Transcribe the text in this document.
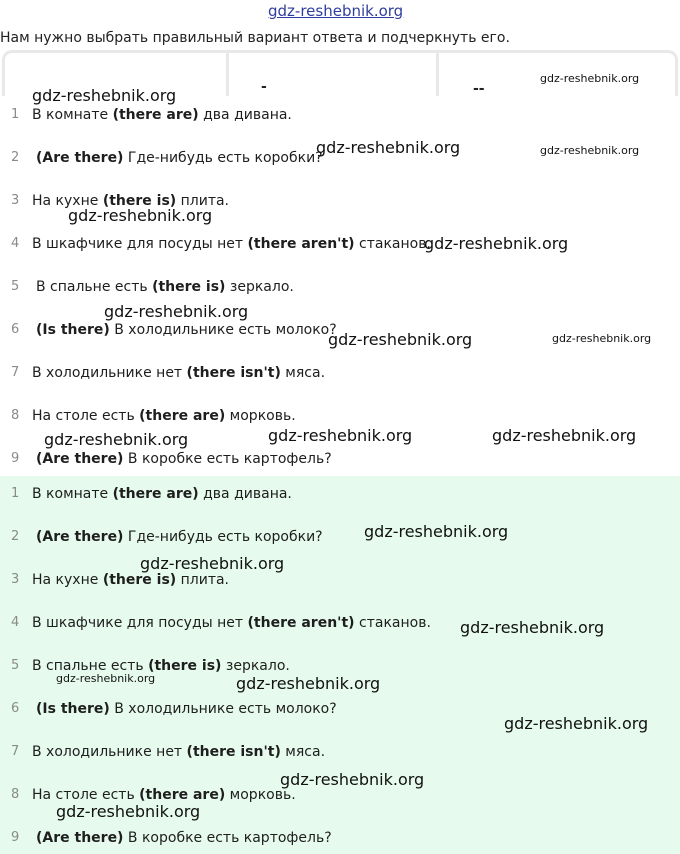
gdz-reshebnik.org
Нам нужно выбрать правильный вариант ответа и подчеркнуть его.
-	--
1 В комнате (there are) два дивана.
2 (Are there) Где-нибудь есть коробки?
3 На кухне (there is) плита.
4 В шкафчике для посуды нет (there aren't) стаканов.
5 В спальне есть (there is) зеркало.
6 (Is there) В холодильнике есть молоко?
7 В холодильнике нет (there isn't) мяса.
8 На столе есть (there are) морковь.
9 (Are there) В коробке есть картофель?
1 В комнате (there are) два дивана.
2 (Are there) Где-нибудь есть коробки?
3 На кухне (there is) плита.
4 В шкафчике для посуды нет (there aren't) стаканов.
5 В спальне есть (there is) зеркало.
6 (Is there) В холодильнике есть молоко?
7 В холодильнике нет (there isn't) мяса.
8 На столе есть (there are) морковь.
9 (Are there) В коробке есть картофель?
gdz-reshebnik.org
gdz-reshebnik.org
gdz-reshebnik.org	gdz-reshebnik.org
gdz-reshebnik.org
gdz-reshebnik.org
gdz-reshebnik.org
gdz-reshebnik.org	gdz-reshebnik.org
gdz-reshebnik.org	gdz-reshebnik.org	gdz-reshebnik.org
gdz-reshebnik.org
gdz-reshebnik.org
gdz-reshebnik.org
gdz-reshebnik.org	gdz-reshebnik.org
gdz-reshebnik.org
gdz-reshebnik.org
gdz-reshebnik.org
